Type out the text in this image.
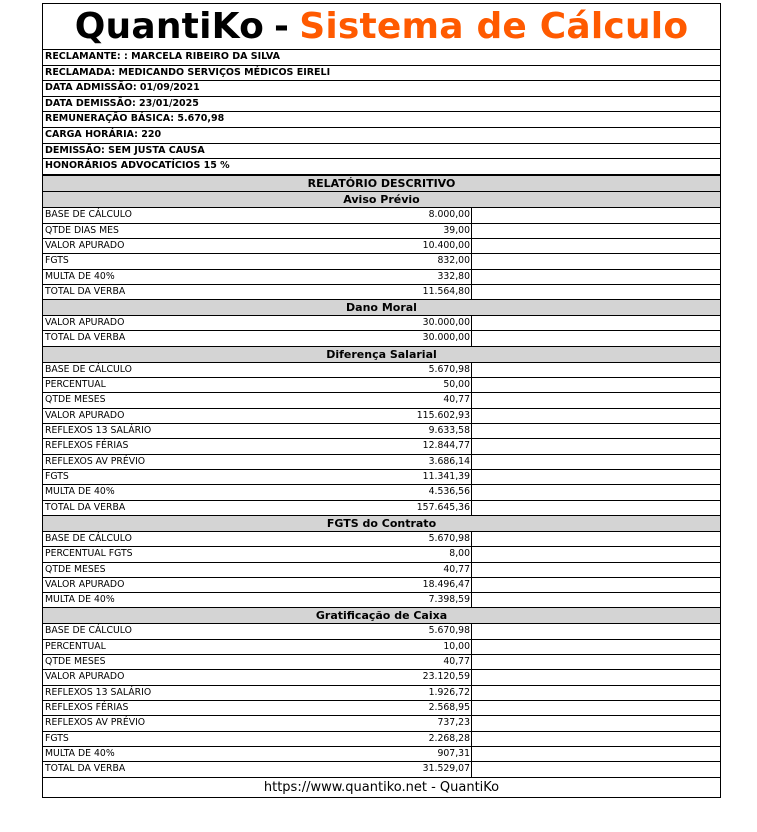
QuantiKo - Sistema de Cálculo
RECLAMANTE: : MARCELA RIBEIRO DA SILVA
RECLAMADA: MEDICANDO SERVIÇOS MÉDICOS EIRELI
DATA ADMISSÃO: 01/09/2021
DATA DEMISSÃO: 23/01/2025
REMUNERAÇÃO BÁSICA: 5.670,98
CARGA HORÁRIA: 220
DEMISSÃO: SEM JUSTA CAUSA
HONORÁRIOS ADVOCATÍCIOS 15 %
RELATÓRIO DESCRITIVO
Aviso Prévio
BASE DE CÁLCULO	8.000,00
QTDE DIAS MES	39,00
VALOR APURADO	10.400,00
FGTS	832,00
MULTA DE 40%	332,80
TOTAL DA VERBA	11.564,80
Dano Moral
VALOR APURADO	30.000,00
TOTAL DA VERBA	30.000,00
Diferença Salarial
BASE DE CÁLCULO	5.670,98
PERCENTUAL	50,00
QTDE MESES	40,77
VALOR APURADO	115.602,93
REFLEXOS 13 SALÁRIO	9.633,58
REFLEXOS FÉRIAS	12.844,77
REFLEXOS AV PRÉVIO	3.686,14
FGTS	11.341,39
MULTA DE 40%	4.536,56
TOTAL DA VERBA	157.645,36
FGTS do Contrato
BASE DE CÁLCULO	5.670,98
PERCENTUAL FGTS	8,00
QTDE MESES	40,77
VALOR APURADO	18.496,47
MULTA DE 40%	7.398,59
Gratificação de Caixa
BASE DE CÁLCULO	5.670,98
PERCENTUAL	10,00
QTDE MESES	40,77
VALOR APURADO	23.120,59
REFLEXOS 13 SALÁRIO	1.926,72
REFLEXOS FÉRIAS	2.568,95
REFLEXOS AV PRÉVIO	737,23
FGTS	2.268,28
MULTA DE 40%	907,31
TOTAL DA VERBA	31.529,07
https://www.quantiko.net - QuantiKo
